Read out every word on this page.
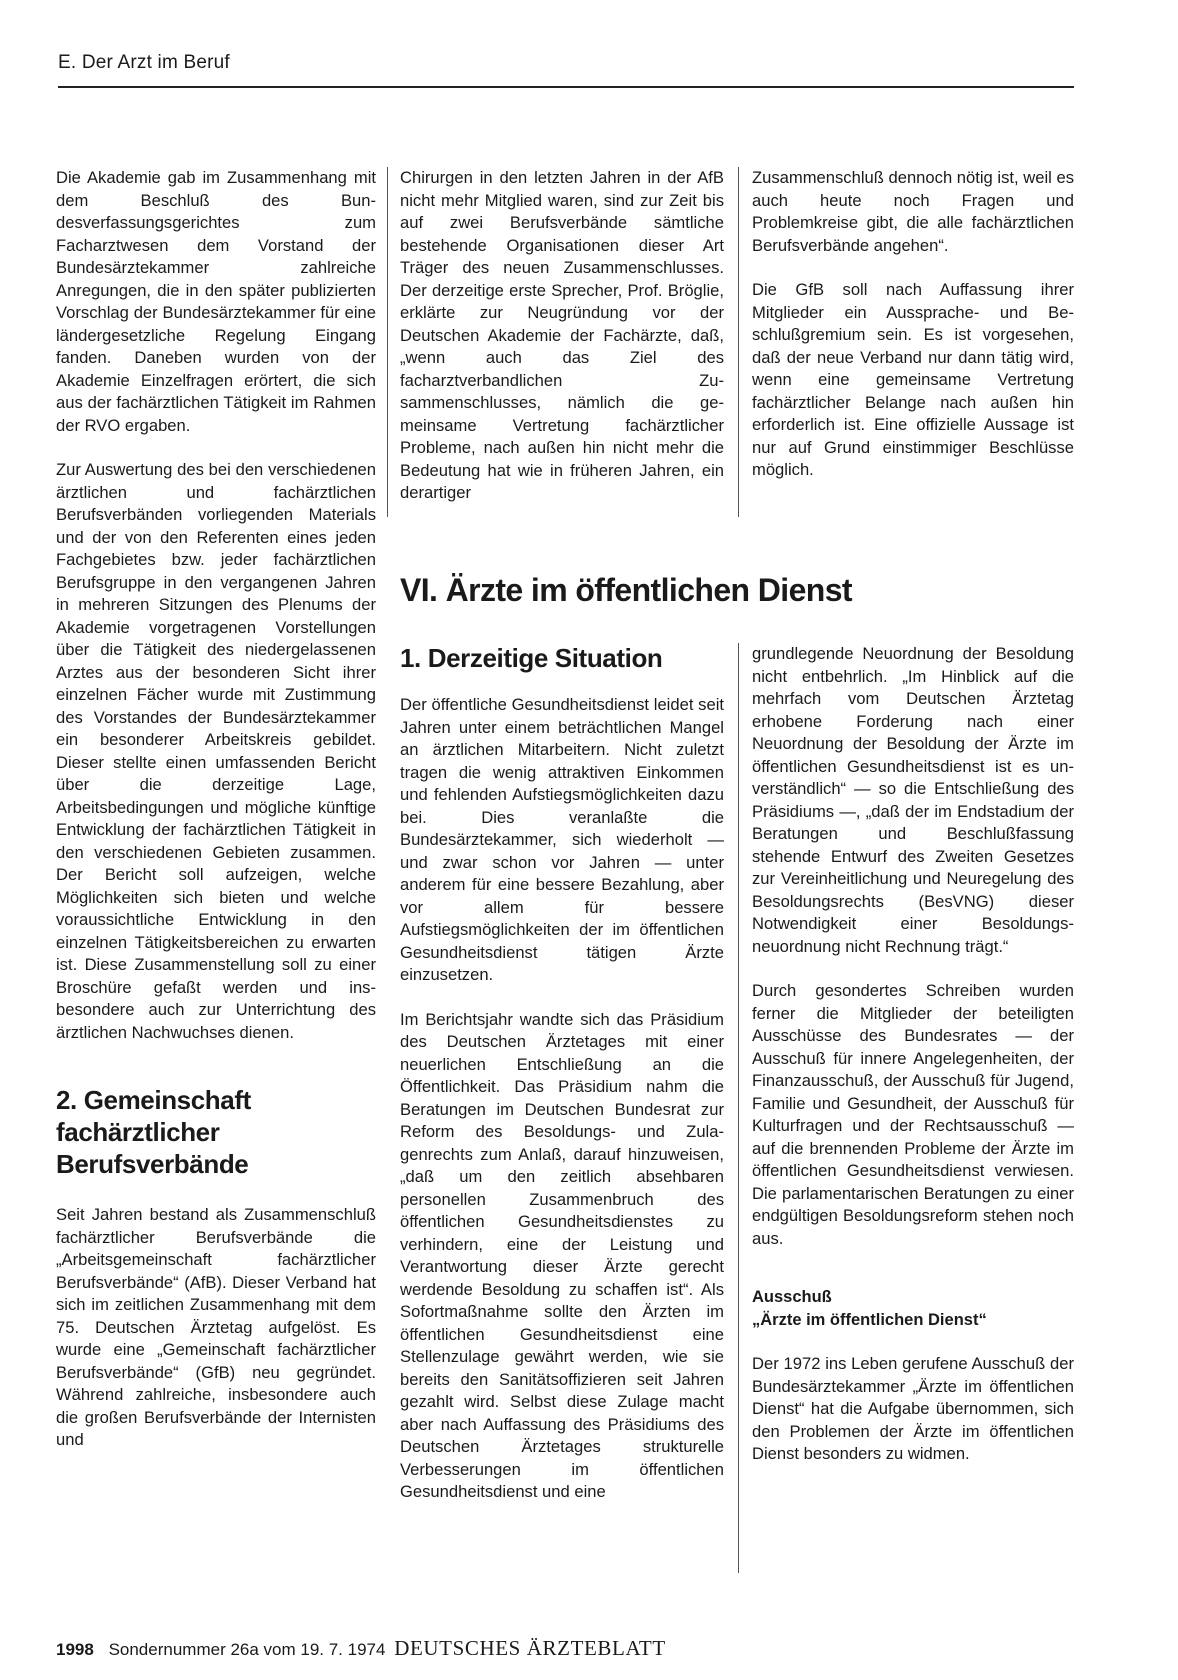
E. Der Arzt im Beruf

Die Akademie gab im Zusammenhang mit dem Beschluß des Bundesverfassungsgerichtes zum Facharztwesen dem Vorstand der Bundesärztekammer zahlreiche Anregungen, die in den später publizierten Vorschlag der Bundesärztekammer für eine ländergesetzliche Regelung Eingang fanden. Daneben wurden von der Akademie Einzelfragen erörtert, die sich aus der fachärztlichen Tätigkeit im Rahmen der RVO ergaben.

Zur Auswertung des bei den verschiedenen ärztlichen und fachärztlichen Berufsverbänden vorliegenden Materials und der von den Referenten eines jeden Fachgebietes bzw. jeder fachärztlichen Berufsgruppe in den vergangenen Jahren in mehreren Sitzungen des Plenums der Akademie vorgetragenen Vorstellungen über die Tätigkeit des niedergelassenen Arztes aus der besonderen Sicht ihrer einzelnen Fächer wurde mit Zustimmung des Vorstandes der Bundesärztekammer ein besonderer Arbeitskreis gebildet. Dieser stellte einen umfassenden Bericht über die derzeitige Lage, Arbeitsbedingungen und mögliche künftige Entwicklung der fachärztlichen Tätigkeit in den verschiedenen Gebieten zusammen. Der Bericht soll aufzeigen, welche Möglichkeiten sich bieten und welche voraussichtliche Entwicklung in den einzelnen Tätigkeitsbereichen zu erwarten ist. Diese Zusammenstellung soll zu einer Broschüre gefaßt werden und insbesondere auch zur Unterrichtung des ärztlichen Nachwuchses dienen.

2. Gemeinschaft fachärztlicher Berufsverbände

Seit Jahren bestand als Zusammenschluß fachärztlicher Berufsverbände die „Arbeitsgemeinschaft fachärztlicher Berufsverbände“ (AfB). Dieser Verband hat sich im zeitlichen Zusammenhang mit dem 75. Deutschen Ärztetag aufgelöst. Es wurde eine „Gemeinschaft fachärztlicher Berufsverbände“ (GfB) neu gegründet. Während zahlreiche, insbesondere auch die großen Berufsverbände der Internisten und

Chirurgen in den letzten Jahren in der AfB nicht mehr Mitglied waren, sind zur Zeit bis auf zwei Berufsverbände sämtliche bestehende Organisationen dieser Art Träger des neuen Zusammenschlusses. Der derzeitige erste Sprecher, Prof. Bröglie, erklärte zur Neugründung vor der Deutschen Akademie der Fachärzte, daß, „wenn auch das Ziel des facharztverbandlichen Zusammenschlusses, nämlich die gemeinsame Vertretung fachärztlicher Probleme, nach außen hin nicht mehr die Bedeutung hat wie in früheren Jahren, ein derartiger

Zusammenschluß dennoch nötig ist, weil es auch heute noch Fragen und Problemkreise gibt, die alle fachärztlichen Berufsverbände angehen“.

Die GfB soll nach Auffassung ihrer Mitglieder ein Aussprache- und Beschlußgremium sein. Es ist vorgesehen, daß der neue Verband nur dann tätig wird, wenn eine gemeinsame Vertretung fachärztlicher Belange nach außen hin erforderlich ist. Eine offizielle Aussage ist nur auf Grund einstimmiger Beschlüsse möglich.

VI. Ärzte im öffentlichen Dienst
1. Derzeitige Situation

Der öffentliche Gesundheitsdienst leidet seit Jahren unter einem beträchtlichen Mangel an ärztlichen Mitarbeitern. Nicht zuletzt tragen die wenig attraktiven Einkommen und fehlenden Aufstiegsmöglichkeiten dazu bei. Dies veranlaßte die Bundesärztekammer, sich wiederholt — und zwar schon vor Jahren — unter anderem für eine bessere Bezahlung, aber vor allem für bessere Aufstiegsmöglichkeiten der im öffentlichen Gesundheitsdienst tätigen Ärzte einzusetzen.

Im Berichtsjahr wandte sich das Präsidium des Deutschen Ärztetages mit einer neuerlichen Entschließung an die Öffentlichkeit. Das Präsidium nahm die Beratungen im Deutschen Bundesrat zur Reform des Besoldungs- und Zulagenrechts zum Anlaß, darauf hinzuweisen, „daß um den zeitlich absehbaren personellen Zusammenbruch des öffentlichen Gesundheitsdienstes zu verhindern, eine der Leistung und Verantwortung dieser Ärzte gerecht werdende Besoldung zu schaffen ist“. Als Sofortmaßnahme sollte den Ärzten im öffentlichen Gesundheitsdienst eine Stellenzulage gewährt werden, wie sie bereits den Sanitätsoffizieren seit Jahren gezahlt wird. Selbst diese Zulage macht aber nach Auffassung des Präsidiums des Deutschen Ärztetages strukturelle Verbesserungen im öffentlichen Gesundheitsdienst und eine

grundlegende Neuordnung der Besoldung nicht entbehrlich. „Im Hinblick auf die mehrfach vom Deutschen Ärztetag erhobene Forderung nach einer Neuordnung der Besoldung der Ärzte im öffentlichen Gesundheitsdienst ist es unverständlich“ — so die Entschließung des Präsidiums —, „daß der im Endstadium der Beratungen und Beschlußfassung stehende Entwurf des Zweiten Gesetzes zur Vereinheitlichung und Neuregelung des Besoldungsrechts (BesVNG) dieser Notwendigkeit einer Besoldungsneuordnung nicht Rechnung trägt.“

Durch gesondertes Schreiben wurden ferner die Mitglieder der beteiligten Ausschüsse des Bundesrates — der Ausschuß für innere Angelegenheiten, der Finanzausschuß, der Ausschuß für Jugend, Familie und Gesundheit, der Ausschuß für Kulturfragen und der Rechtsausschuß — auf die brennenden Probleme der Ärzte im öffentlichen Gesundheitsdienst verwiesen. Die parlamentarischen Beratungen zu einer endgültigen Besoldungsreform stehen noch aus.

Ausschuß
„Ärzte im öffentlichen Dienst“

Der 1972 ins Leben gerufene Ausschuß der Bundesärztekammer „Ärzte im öffentlichen Dienst“ hat die Aufgabe übernommen, sich den Problemen der Ärzte im öffentlichen Dienst besonders zu widmen.

1998 Sondernummer 26a vom 19. 7. 1974 DEUTSCHES ÄRZTEBLATT
